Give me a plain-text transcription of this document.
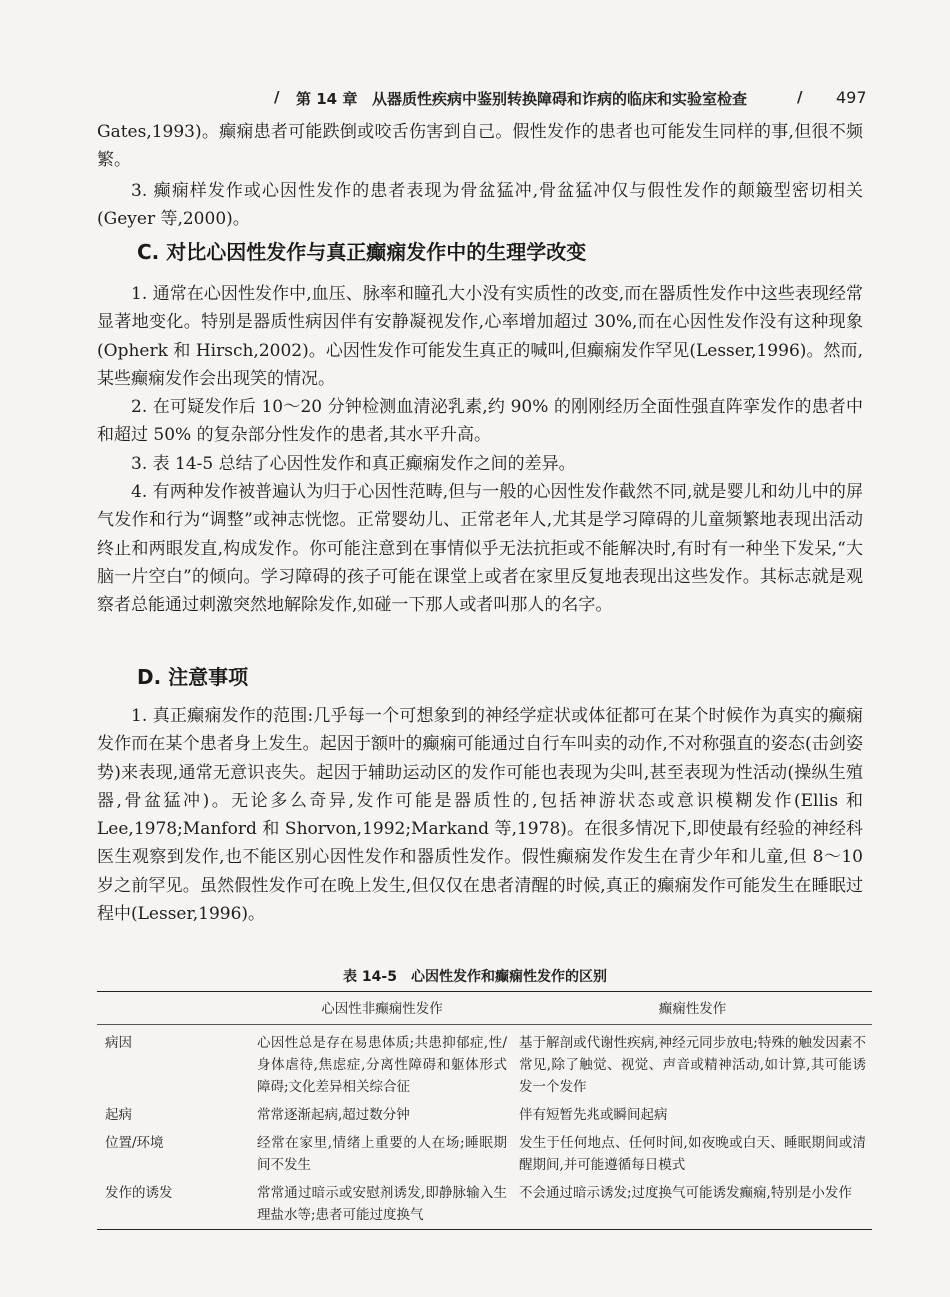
/ 第 14 章 从器质性疾病中鉴别转换障碍和诈病的临床和实验室检查	/ 497

Gates,1993)。癫痫患者可能跌倒或咬舌伤害到自己。假性发作的患者也可能发生同样的事,但很不频繁。

3. 癫痫样发作或心因性发作的患者表现为骨盆猛冲,骨盆猛冲仅与假性发作的颠簸型密切相关(Geyer 等,2000)。

C. 对比心因性发作与真正癫痫发作中的生理学改变

1. 通常在心因性发作中,血压、脉率和瞳孔大小没有实质性的改变,而在器质性发作中这些表现经常显著地变化。特别是器质性病因伴有安静凝视发作,心率增加超过 30%,而在心因性发作没有这种现象(Opherk 和 Hirsch,2002)。心因性发作可能发生真正的喊叫,但癫痫发作罕见(Lesser,1996)。然而,某些癫痫发作会出现笑的情况。

2. 在可疑发作后 10～20 分钟检测血清泌乳素,约 90% 的刚刚经历全面性强直阵挛发作的患者中和超过 50% 的复杂部分性发作的患者,其水平升高。

3. 表 14-5 总结了心因性发作和真正癫痫发作之间的差异。

4. 有两种发作被普遍认为归于心因性范畴,但与一般的心因性发作截然不同,就是婴儿和幼儿中的屏气发作和行为“调整”或神志恍惚。正常婴幼儿、正常老年人,尤其是学习障碍的儿童频繁地表现出活动终止和两眼发直,构成发作。你可能注意到在事情似乎无法抗拒或不能解决时,有时有一种坐下发呆,“大脑一片空白”的倾向。学习障碍的孩子可能在课堂上或者在家里反复地表现出这些发作。其标志就是观察者总能通过刺激突然地解除发作,如碰一下那人或者叫那人的名字。

D. 注意事项

1. 真正癫痫发作的范围:几乎每一个可想象到的神经学症状或体征都可在某个时候作为真实的癫痫发作而在某个患者身上发生。起因于额叶的癫痫可能通过自行车叫卖的动作,不对称强直的姿态(击剑姿势)来表现,通常无意识丧失。起因于辅助运动区的发作可能也表现为尖叫,甚至表现为性活动(操纵生殖器,骨盆猛冲)。无论多么奇异,发作可能是器质性的,包括神游状态或意识模糊发作(Ellis 和 Lee,1978;Manford 和 Shorvon,1992;Markand 等,1978)。在很多情况下,即使最有经验的神经科医生观察到发作,也不能区别心因性发作和器质性发作。假性癫痫发作发生在青少年和儿童,但 8～10 岁之前罕见。虽然假性发作可在晚上发生,但仅仅在患者清醒的时候,真正的癫痫发作可能发生在睡眠过程中(Lesser,1996)。

表 14-5 心因性发作和癫痫性发作的区别
	心因性非癫痫性发作	癫痫性发作
病因	心因性总是存在易患体质;共患抑郁症,性/身体虐待,焦虑症,分离性障碍和躯体形式障碍;文化差异相关综合征	基于解剖或代谢性疾病,神经元同步放电;特殊的触发因素不常见,除了触觉、视觉、声音或精神活动,如计算,其可能诱发一个发作
起病	常常逐渐起病,超过数分钟	伴有短暂先兆或瞬间起病
位置/环境	经常在家里,情绪上重要的人在场;睡眠期间不发生	发生于任何地点、任何时间,如夜晚或白天、睡眠期间或清醒期间,并可能遵循每日模式
发作的诱发	常常通过暗示或安慰剂诱发,即静脉输入生理盐水等;患者可能过度换气	不会通过暗示诱发;过度换气可能诱发癫痫,特别是小发作
